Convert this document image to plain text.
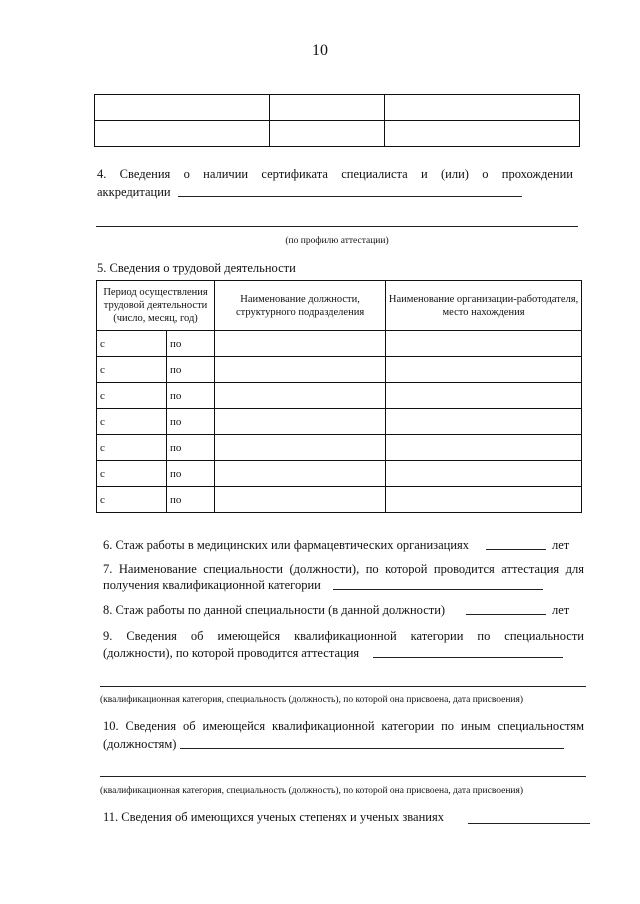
10

4. Сведения о наличии сертификата специалиста и (или) о прохождении
аккредитации
(по профилю аттестации)
5. Сведения о трудовой деятельности
Период осуществления трудовой деятельности (число, месяц, год)		Наименование должности, структурного подразделения	Наименование организации-работодателя, место нахождения
с	по		
с	по		
с	по		
с	по		
с	по		
с	по		
с	по		
6. Стаж работы в медицинских или фармацевтических организациях	лет
7. Наименование специальности (должности), по которой проводится аттестация для
получения квалификационной категории
8. Стаж работы по данной специальности (в данной должности)	лет
9. Сведения об имеющейся квалификационной категории по специальности
(должности), по которой проводится аттестация
(квалификационная категория, специальность (должность), по которой она присвоена, дата присвоения)
10. Сведения об имеющейся квалификационной категории по иным специальностям
(должностям)
(квалификационная категория, специальность (должность), по которой она присвоена, дата присвоения)
11. Сведения об имеющихся ученых степенях и ученых званиях
